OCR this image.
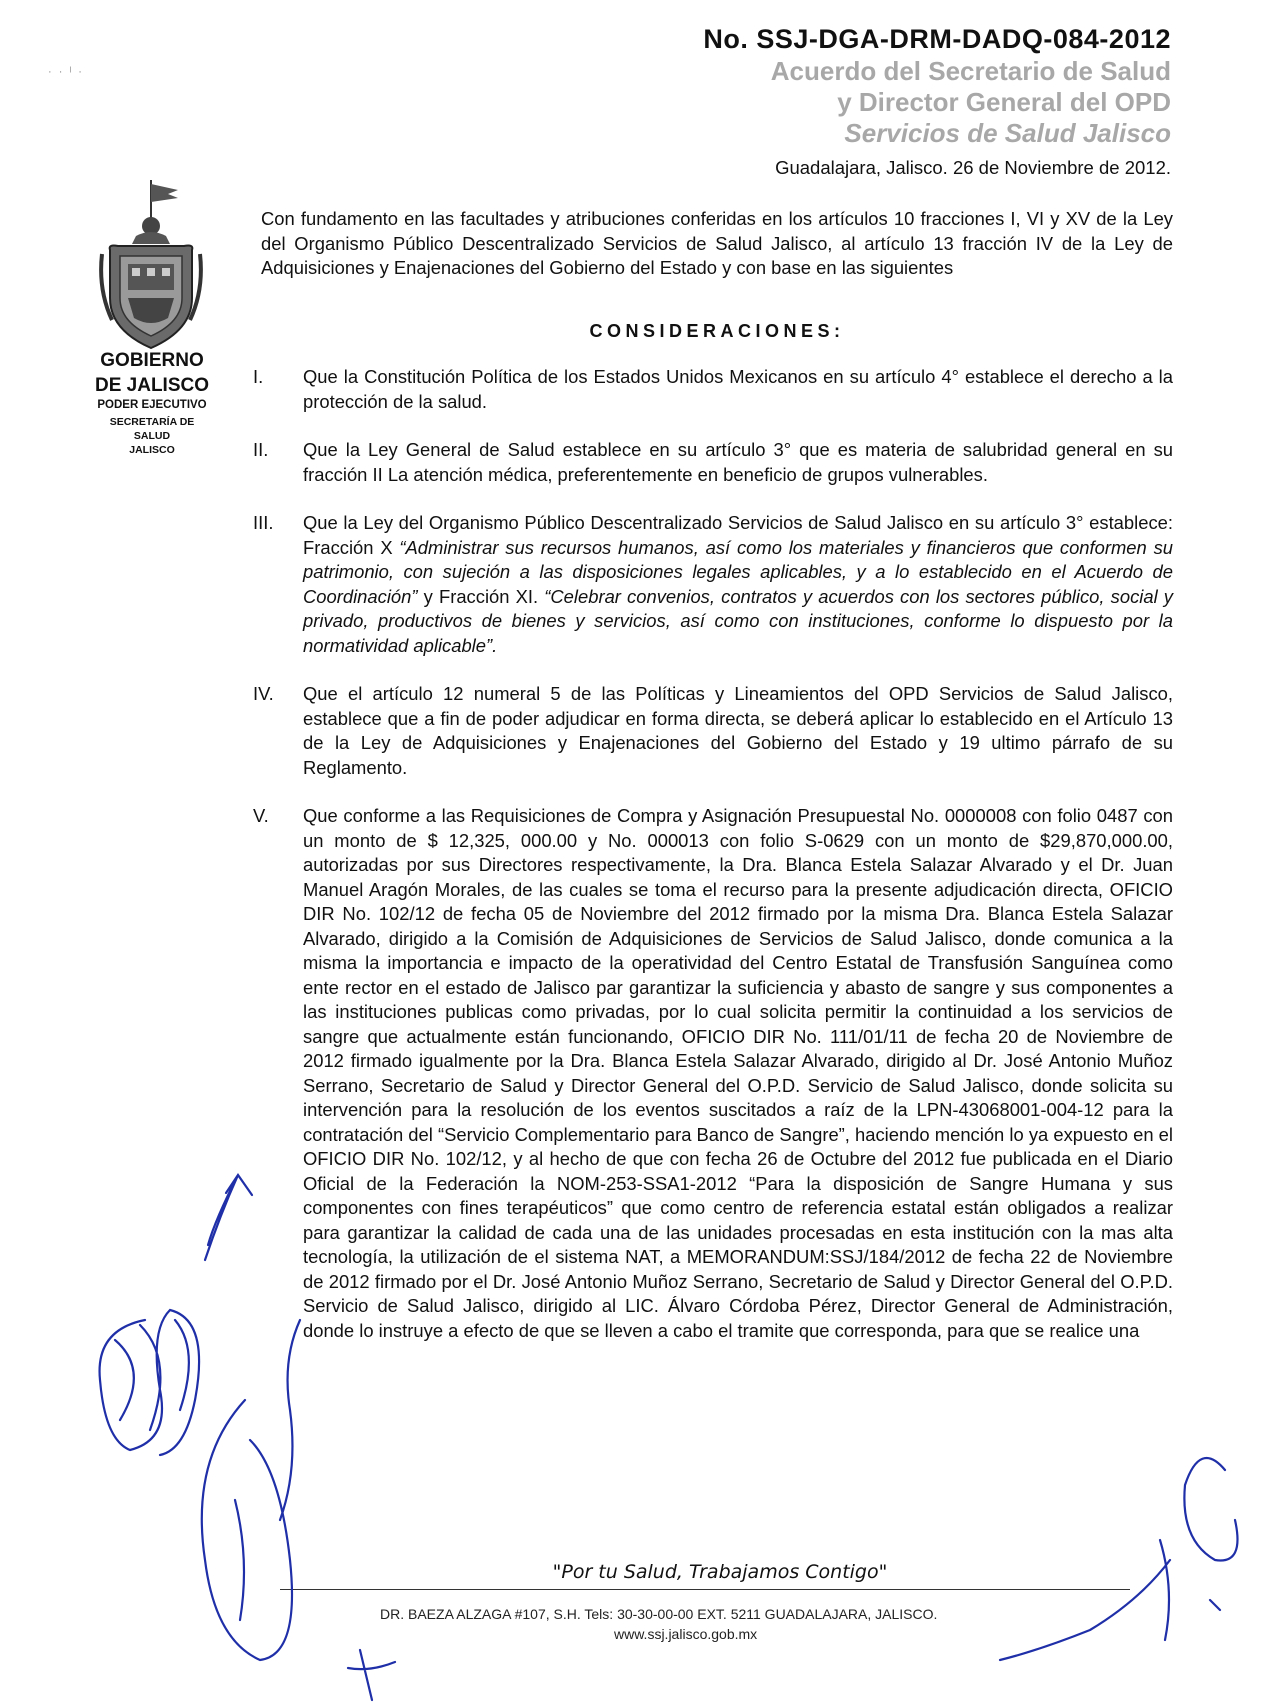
No. SSJ-DGA-DRM-DADQ-084-2012
Acuerdo del Secretario de Salud
y Director General del OPD
Servicios de Salud Jalisco
Guadalajara, Jalisco. 26 de Noviembre de 2012.
· · ˡ ·
GOBIERNO
DE JALISCO
PODER EJECUTIVO
SECRETARÍA DE
SALUD
JALISCO

Con fundamento en las facultades y atribuciones conferidas en los artículos 10 fracciones I, VI y XV de la Ley del Organismo Público Descentralizado Servicios de Salud Jalisco, al artículo 13 fracción IV de la Ley de Adquisiciones y Enajenaciones del Gobierno del Estado y con base en las siguientes

CONSIDERACIONES:
I. Que la Constitución Política de los Estados Unidos Mexicanos en su artículo 4° establece el derecho a la protección de la salud.
II. Que la Ley General de Salud establece en su artículo 3° que es materia de salubridad general en su fracción II La atención médica, preferentemente en beneficio de grupos vulnerables.
III. Que la Ley del Organismo Público Descentralizado Servicios de Salud Jalisco en su artículo 3° establece: Fracción X “Administrar sus recursos humanos, así como los materiales y financieros que conformen su patrimonio, con sujeción a las disposiciones legales aplicables, y a lo establecido en el Acuerdo de Coordinación” y Fracción XI. “Celebrar convenios, contratos y acuerdos con los sectores público, social y privado, productivos de bienes y servicios, así como con instituciones, conforme lo dispuesto por la normatividad aplicable”.
IV. Que el artículo 12 numeral 5 de las Políticas y Lineamientos del OPD Servicios de Salud Jalisco, establece que a fin de poder adjudicar en forma directa, se deberá aplicar lo establecido en el Artículo 13 de la Ley de Adquisiciones y Enajenaciones del Gobierno del Estado y 19 ultimo párrafo de su Reglamento.
V. Que conforme a las Requisiciones de Compra y Asignación Presupuestal No. 0000008 con folio 0487 con un monto de $ 12,325, 000.00 y No. 000013 con folio S-0629 con un monto de $29,870,000.00, autorizadas por sus Directores respectivamente, la Dra. Blanca Estela Salazar Alvarado y el Dr. Juan Manuel Aragón Morales, de las cuales se toma el recurso para la presente adjudicación directa, OFICIO DIR No. 102/12 de fecha 05 de Noviembre del 2012 firmado por la misma Dra. Blanca Estela Salazar Alvarado, dirigido a la Comisión de Adquisiciones de Servicios de Salud Jalisco, donde comunica a la misma la importancia e impacto de la operatividad del Centro Estatal de Transfusión Sanguínea como ente rector en el estado de Jalisco par garantizar la suficiencia y abasto de sangre y sus componentes a las instituciones publicas como privadas, por lo cual solicita permitir la continuidad a los servicios de sangre que actualmente están funcionando, OFICIO DIR No. 111/01/11 de fecha 20 de Noviembre de 2012 firmado igualmente por la Dra. Blanca Estela Salazar Alvarado, dirigido al Dr. José Antonio Muñoz Serrano, Secretario de Salud y Director General del O.P.D. Servicio de Salud Jalisco, donde solicita su intervención para la resolución de los eventos suscitados a raíz de la LPN-43068001-004-12 para la contratación del “Servicio Complementario para Banco de Sangre”, haciendo mención lo ya expuesto en el OFICIO DIR No. 102/12, y al hecho de que con fecha 26 de Octubre del 2012 fue publicada en el Diario Oficial de la Federación la NOM-253-SSA1-2012 “Para la disposición de Sangre Humana y sus componentes con fines terapéuticos” que como centro de referencia estatal están obligados a realizar para garantizar la calidad de cada una de las unidades procesadas en esta institución con la mas alta tecnología, la utilización de el sistema NAT, a MEMORANDUM:SSJ/184/2012 de fecha 22 de Noviembre de 2012 firmado por el Dr. José Antonio Muñoz Serrano, Secretario de Salud y Director General del O.P.D. Servicio de Salud Jalisco, dirigido al LIC. Álvaro Córdoba Pérez, Director General de Administración, donde lo instruye a efecto de que se lleven a cabo el tramite que corresponda, para que se realice una
"Por tu Salud, Trabajamos Contigo"
DR. BAEZA ALZAGA #107, S.H. Tels: 30-30-00-00 EXT. 5211 GUADALAJARA, JALISCO.
www.ssj.jalisco.gob.mx
